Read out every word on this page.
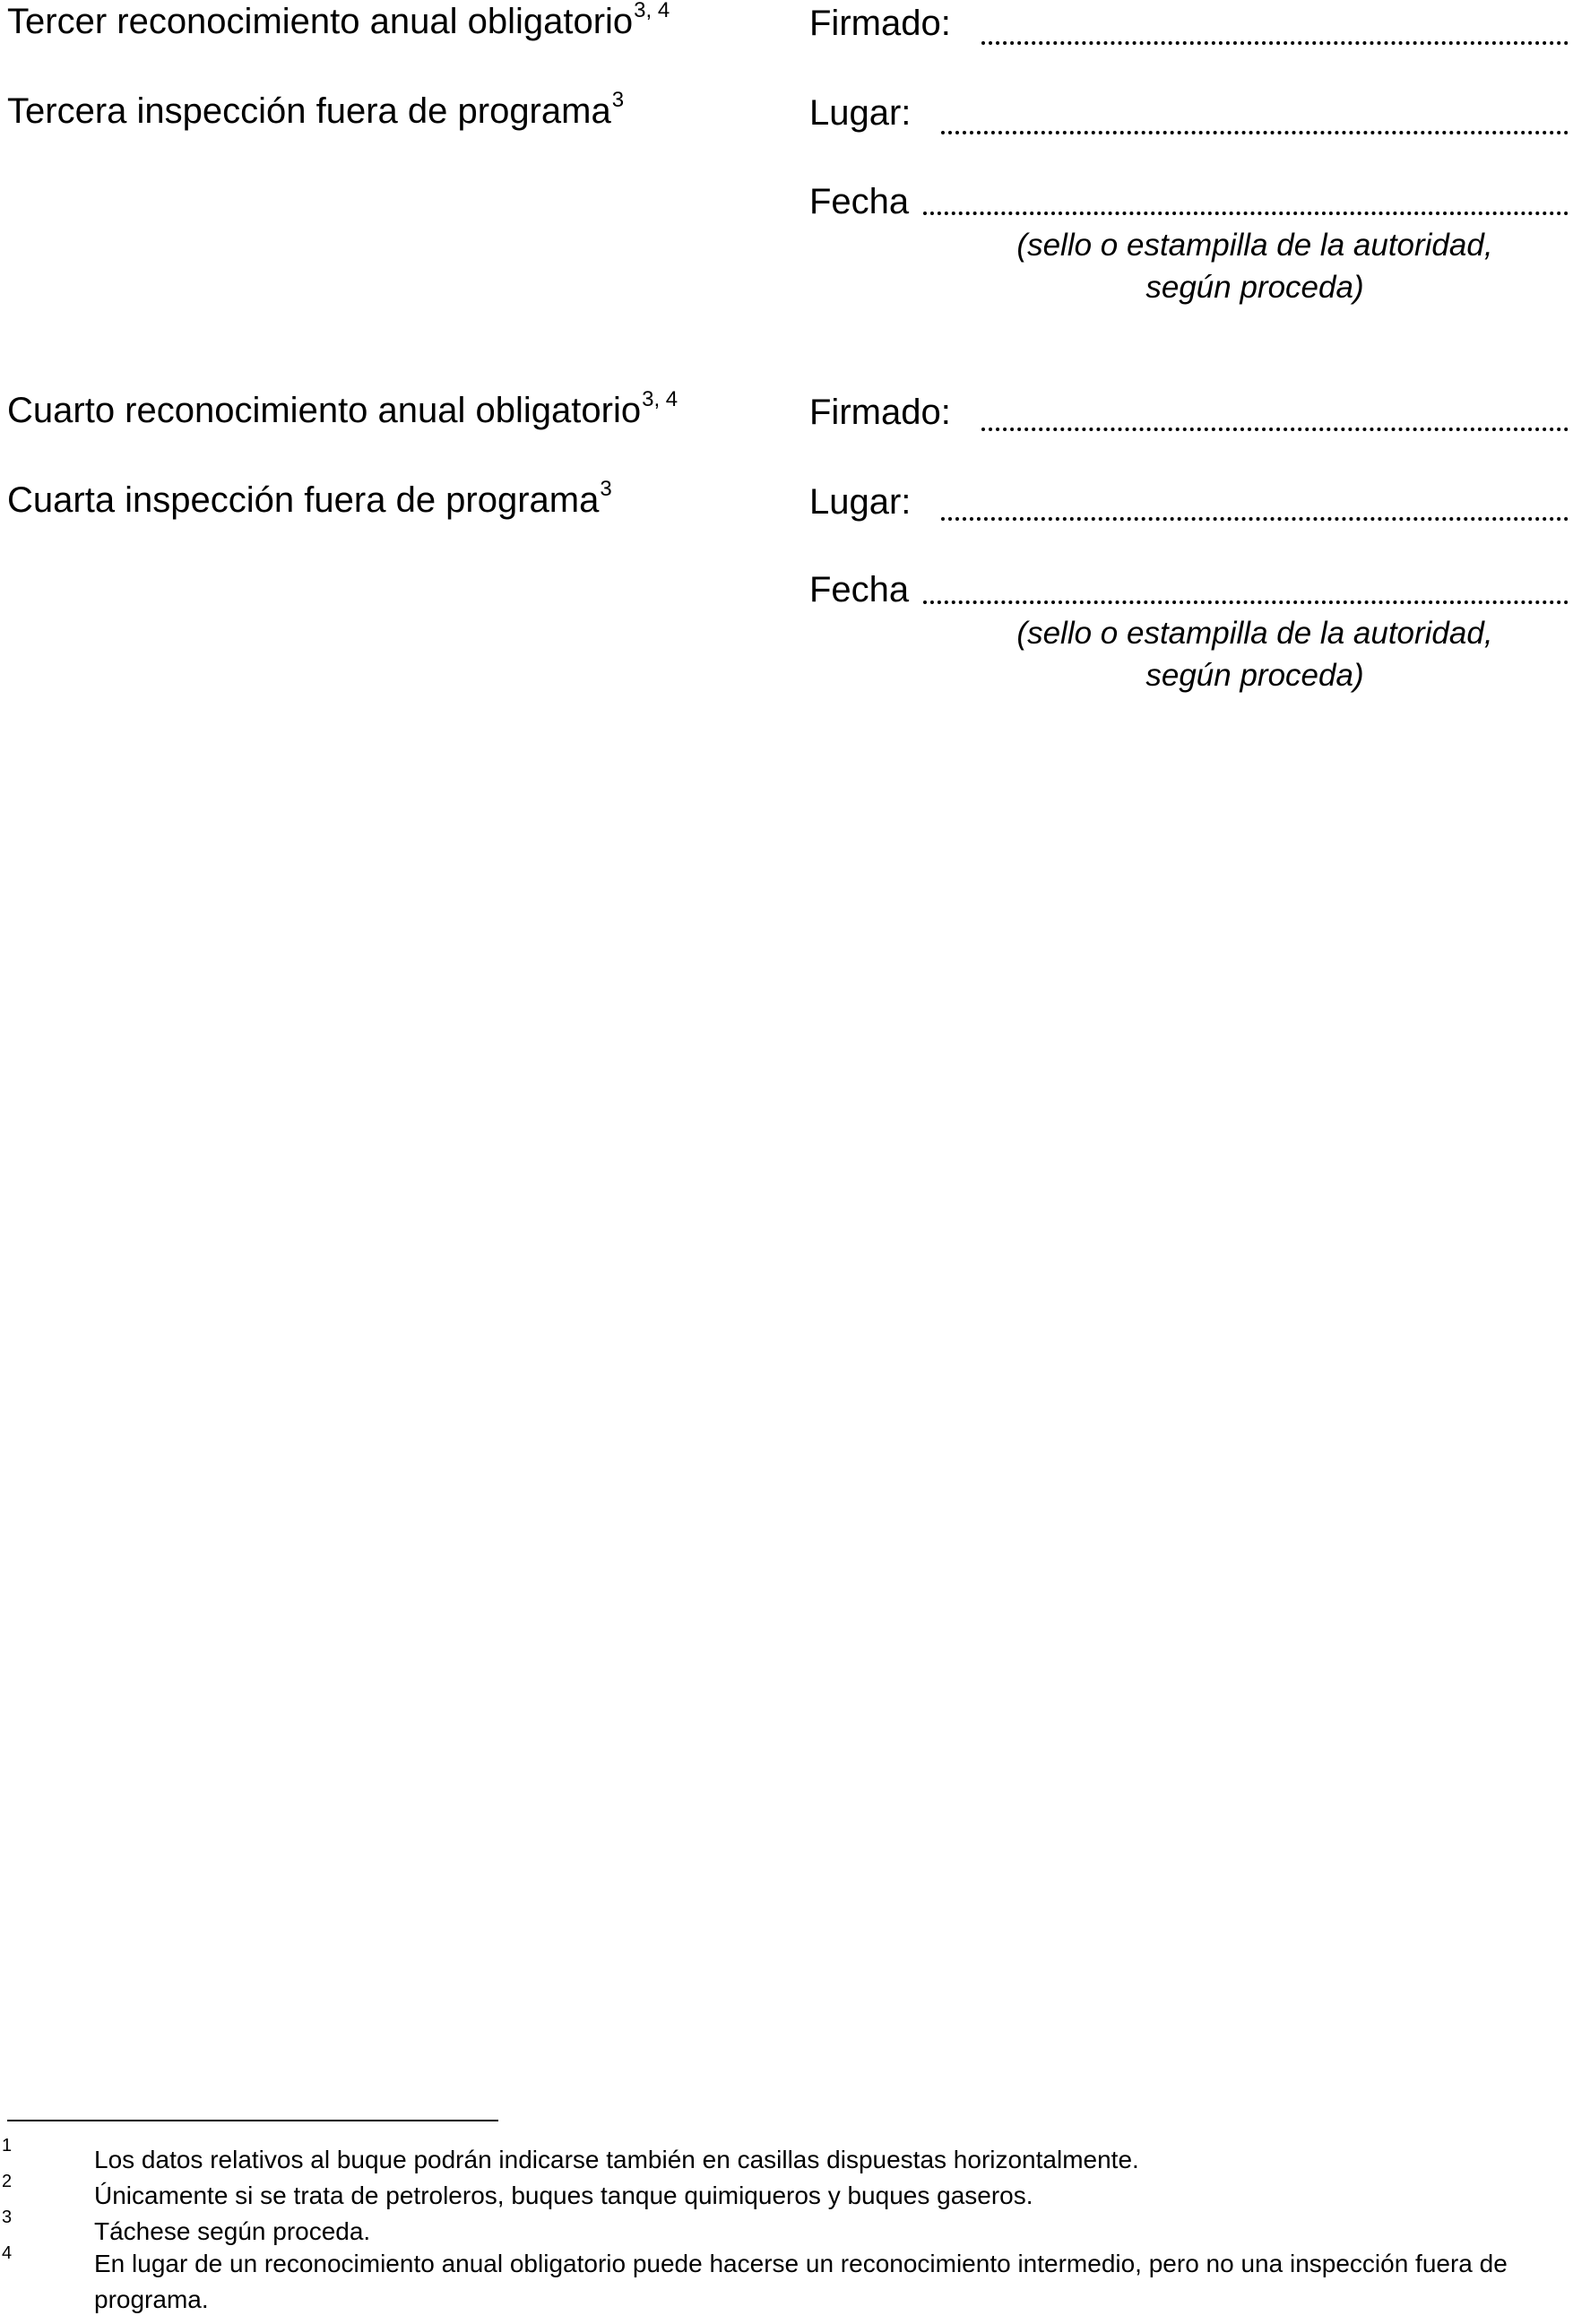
Tercer reconocimiento anual obligatorio$^{3, 4}$
Tercera inspección fuera de programa$^3$
Firmado:
Lugar:
Fecha
(sello o estampilla de la autoridad,
según proceda)
Cuarto reconocimiento anual obligatorio$^{3, 4}$
Cuarta inspección fuera de programa$^3$
Firmado:
Lugar:
Fecha
(sello o estampilla de la autoridad,
según proceda)
1	Los datos relativos al buque podrán indicarse también en casillas dispuestas horizontalmente.
2	Únicamente si se trata de petroleros, buques tanque quimiqueros y buques gaseros.
3	Táchese según proceda.
4	En lugar de un reconocimiento anual obligatorio puede hacerse un reconocimiento intermedio, pero no una inspección fuera de programa.
